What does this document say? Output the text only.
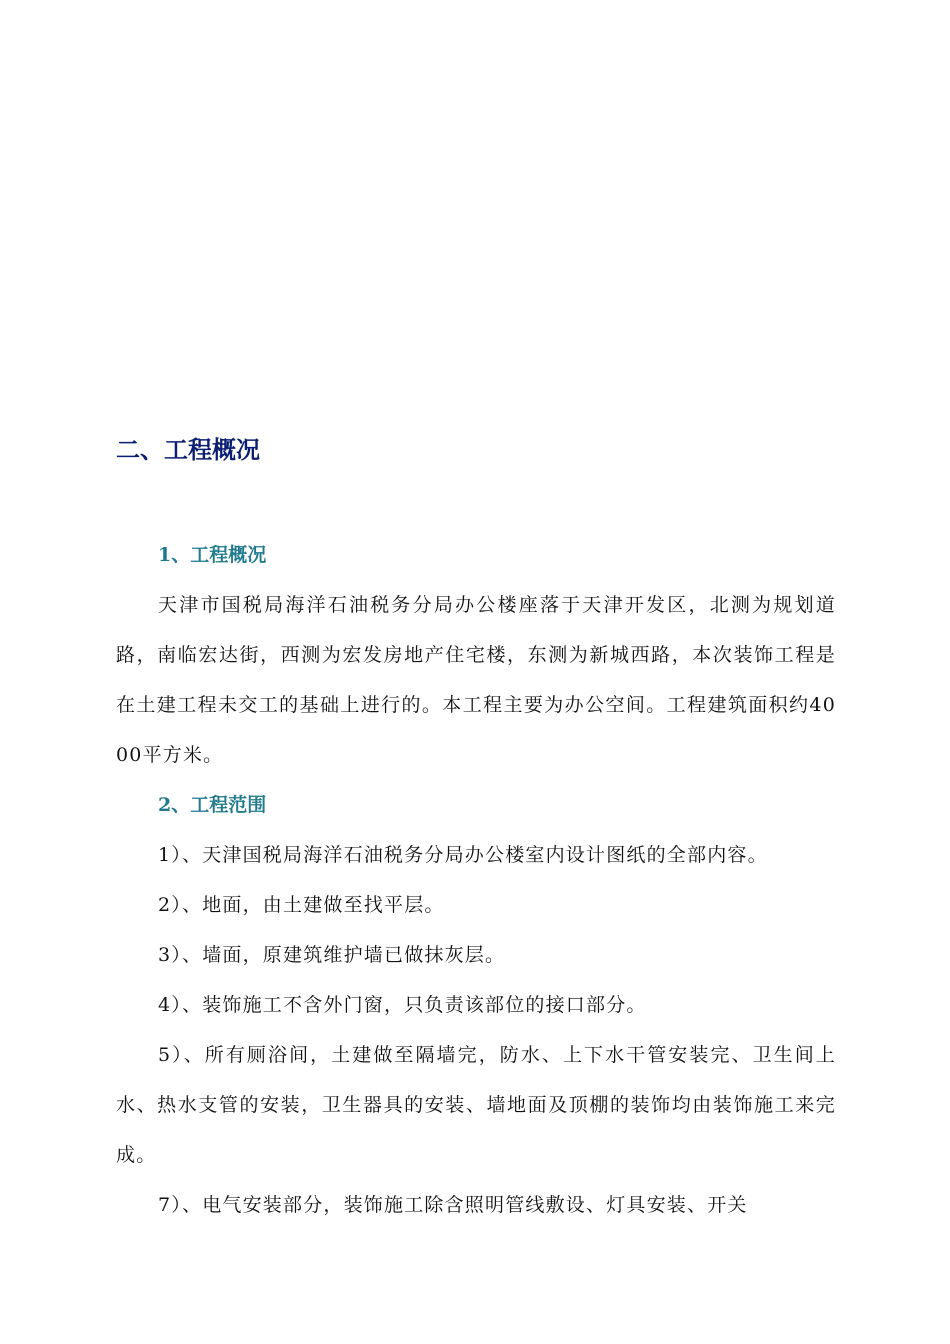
二、工程概况
1、工程概况

天津市国税局海洋石油税务分局办公楼座落于天津开发区，北测为规划道路，南临宏达街，西测为宏发房地产住宅楼，东测为新城西路，本次装饰工程是在土建工程未交工的基础上进行的。本工程主要为办公空间。工程建筑面积约4000平方米。

2、工程范围

1）、天津国税局海洋石油税务分局办公楼室内设计图纸的全部内容。

2）、地面，由土建做至找平层。

3）、墙面，原建筑维护墙已做抹灰层。

4）、装饰施工不含外门窗，只负责该部位的接口部分。

5）、所有厕浴间，土建做至隔墙完，防水、上下水干管安装完、卫生间上水、热水支管的安装，卫生器具的安装、墙地面及顶棚的装饰均由装饰施工来完成。

7）、电气安装部分，装饰施工除含照明管线敷设、灯具安装、开关
